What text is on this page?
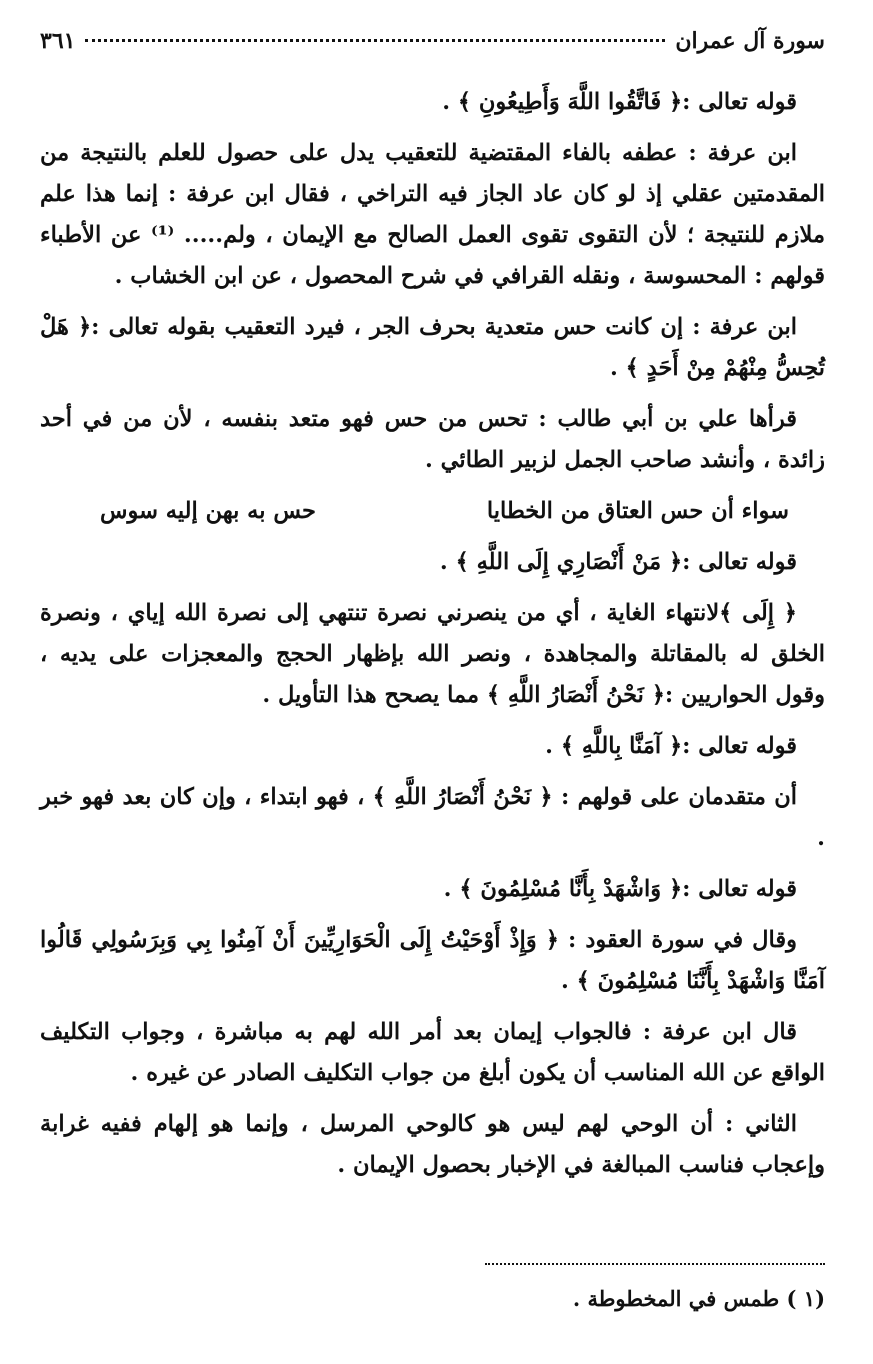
سورة آل عمران
٣٦١

قوله تعالى :﴿ فَاتَّقُوا اللَّهَ وَأَطِيعُونِ ﴾ .

ابن عرفة : عطفه بالفاء المقتضية للتعقيب يدل على حصول للعلم بالنتيجة من المقدمتين عقلي إذ لو كان عاد الجاز فيه التراخي ، فقال ابن عرفة : إنما هذا علم ملازم للنتيجة ؛ لأن التقوى تقوى العمل الصالح مع الإيمان ، ولم..... ⁽¹⁾ عن الأطباء قولهم : المحسوسة ، ونقله القرافي في شرح المحصول ، عن ابن الخشاب .

ابن عرفة : إن كانت حس متعدية بحرف الجر ، فيرد التعقيب بقوله تعالى :﴿ هَلْ تُحِسُّ مِنْهُمْ مِنْ أَحَدٍ ﴾ .

قرأها علي بن أبي طالب : تحس من حس فهو متعد بنفسه ، لأن من في أحد زائدة ، وأنشد صاحب الجمل لزبير الطائي .

سواء أن حس العتاق من الخطايا
حس به بهن إليه سوس

قوله تعالى :﴿ مَنْ أَنْصَارِي إِلَى اللَّهِ ﴾ .

﴿ إِلَى ﴾لانتهاء الغاية ، أي من ينصرني نصرة تنتهي إلى نصرة الله إياي ، ونصرة الخلق له بالمقاتلة والمجاهدة ، ونصر الله بإظهار الحجج والمعجزات على يديه ، وقول الحواريين :﴿ نَحْنُ أَنْصَارُ اللَّهِ ﴾ مما يصحح هذا التأويل .

قوله تعالى :﴿ آمَنَّا بِاللَّهِ ﴾ .

أن متقدمان على قولهم : ﴿ نَحْنُ أَنْصَارُ اللَّهِ ﴾ ، فهو ابتداء ، وإن كان بعد فهو خبر .

قوله تعالى :﴿ وَاشْهَدْ بِأَنَّا مُسْلِمُونَ ﴾ .

وقال في سورة العقود : ﴿ وَإِذْ أَوْحَيْتُ إِلَى الْحَوَارِيِّينَ أَنْ آمِنُوا بِي وَبِرَسُولِي قَالُوا آمَنَّا وَاشْهَدْ بِأَنَّنَا مُسْلِمُونَ ﴾ .

قال ابن عرفة : فالجواب إيمان بعد أمر الله لهم به مباشرة ، وجواب التكليف الواقع عن الله المناسب أن يكون أبلغ من جواب التكليف الصادر عن غيره .

الثاني : أن الوحي لهم ليس هو كالوحي المرسل ، وإنما هو إلهام ففيه غرابة وإعجاب فناسب المبالغة في الإخبار بحصول الإيمان .

(١ ) طمس في المخطوطة .
